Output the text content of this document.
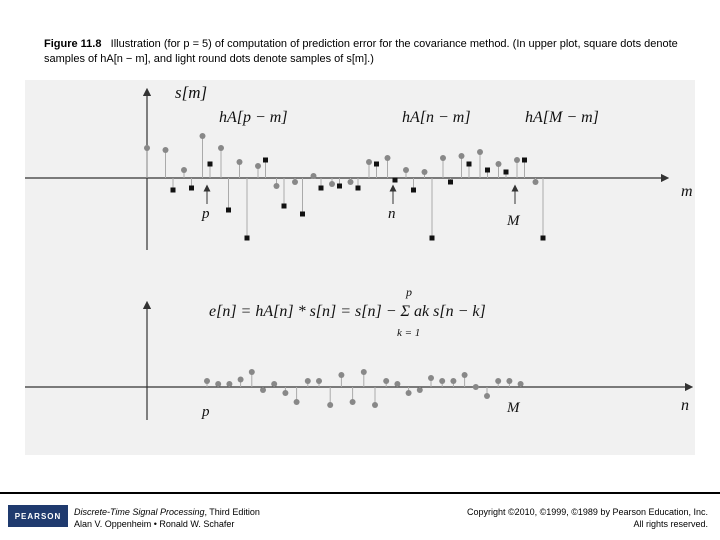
Figure 11.8 Illustration (for p = 5) of computation of prediction error for the covariance method. (In upper plot, square dots denote samples of hA[n − m], and light round dots denote samples of s[m].)
s[m]
m
hA[p − m]	hA[n − m]	hA[M − m]
p	n	M
e[n] = hA[n] * s[n] = s[n] − Σ ak s[n − k]
p
k = 1
n
p	M
PEARSON Discrete-Time Signal Processing, Third Edition
Alan V. Oppenheim • Ronald W. Schafer
Copyright ©2010, ©1999, ©1989 by Pearson Education, Inc.
All rights reserved.
